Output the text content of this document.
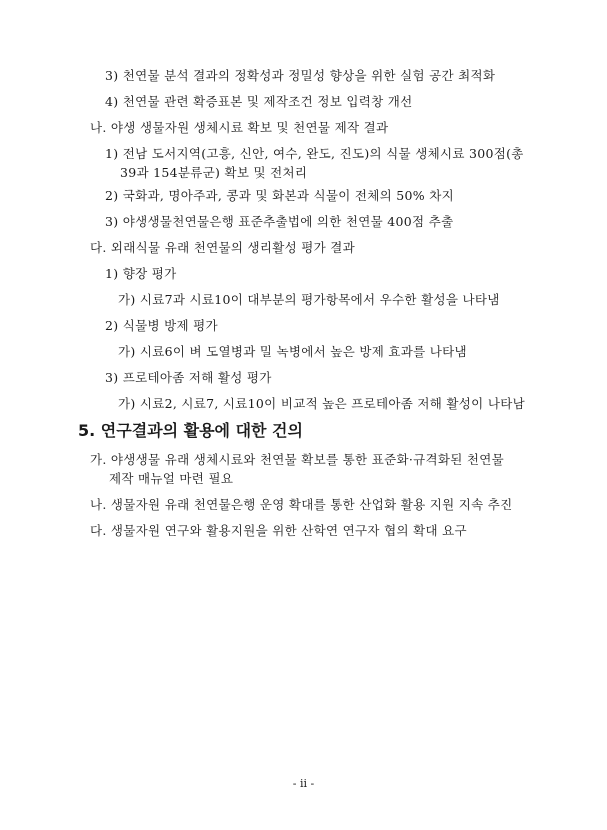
3) 천연물 분석 결과의 정확성과 정밀성 향상을 위한 실험 공간 최적화
4) 천연물 관련 확증표본 및 제작조건 정보 입력창 개선
나. 야생 생물자원 생체시료 확보 및 천연물 제작 결과
1) 전남 도서지역(고흥, 신안, 여수, 완도, 진도)의 식물 생체시료 300점(총
39과 154분류군) 확보 및 전처리
2) 국화과, 명아주과, 콩과 및 화본과 식물이 전체의 50% 차지
3) 야생생물천연물은행 표준추출법에 의한 천연물 400점 추출
다. 외래식물 유래 천연물의 생리활성 평가 결과
1) 향장 평가
가) 시료7과 시료10이 대부분의 평가항목에서 우수한 활성을 나타냄
2) 식물병 방제 평가
가) 시료6이 벼 도열병과 밀 녹병에서 높은 방제 효과를 나타냄
3) 프로테아좀 저해 활성 평가
가) 시료2, 시료7, 시료10이 비교적 높은 프로테아좀 저해 활성이 나타남
5. 연구결과의 활용에 대한 건의
가. 야생생물 유래 생체시료와 천연물 확보를 통한 표준화·규격화된 천연물
제작 매뉴얼 마련 필요
나. 생물자원 유래 천연물은행 운영 확대를 통한 산업화 활용 지원 지속 추진
다. 생물자원 연구와 활용지원을 위한 산학연 연구자 협의 확대 요구
- ii -
